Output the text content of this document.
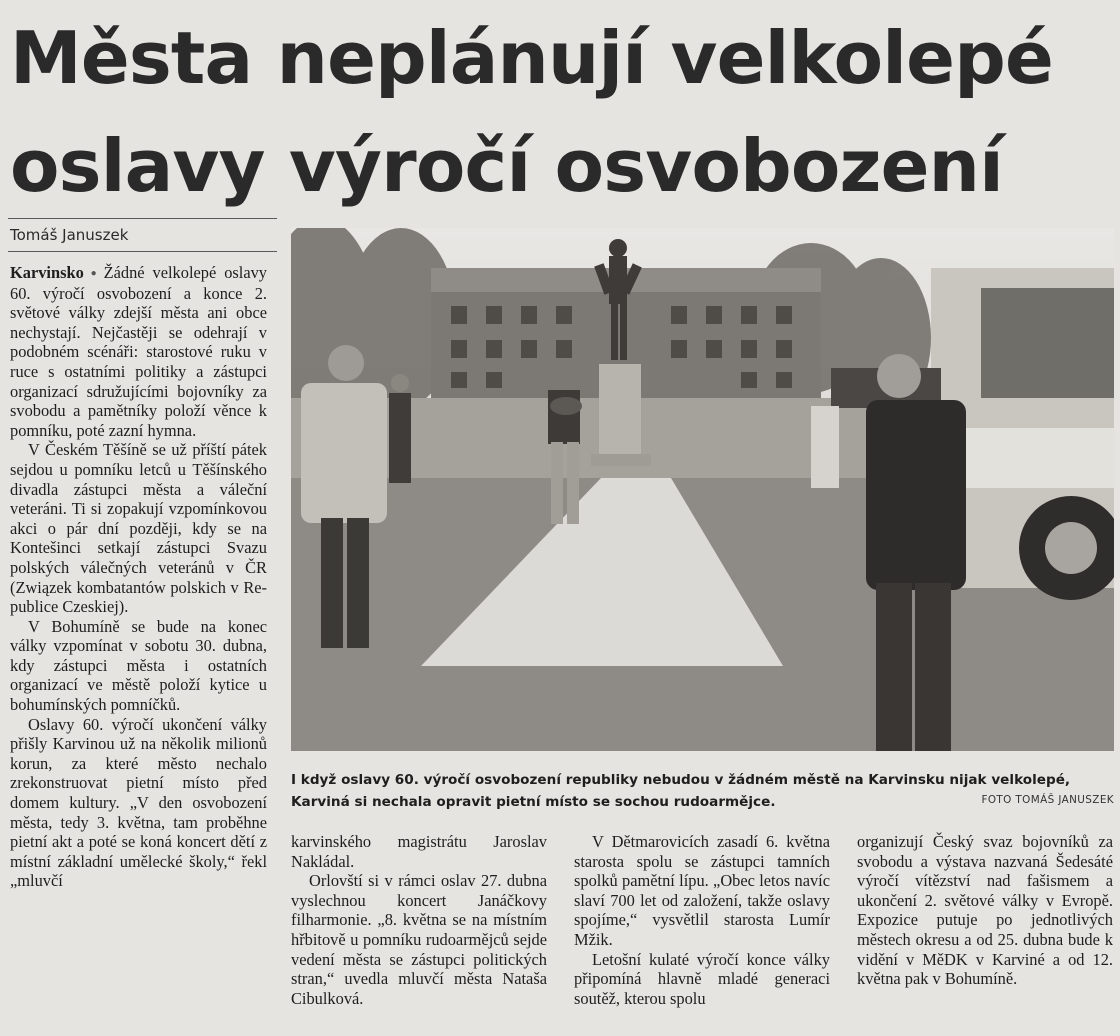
Města neplánují velkolepé
oslavy výročí osvobození

Tomáš Januszek

Karvinsko ● Žádné velkolepé oslavy 60. výročí osvobození a konce 2. světové války zdejší města ani obce nechystají. Nejčastěji se odehrají v podobném scénáři: starostové ruku v ruce s ostatními politiky a zástupci organizací sdružujícími bojovníky za svobodu a pamětníky položí věnce k pomníku, poté zazní hymna.

V Českém Těšíně se už příští pátek sejdou u pomníku letců u Těšínského divadla zástupci města a váleční veteráni. Ti si zopakují vzpomínkovou akci o pár dní později, kdy se na Kontešinci setkají zástupci Svazu polských válečných veteránů v ČR (Związek kombatantów polskich v Republice Czeskiej).

V Bohumíně se bude na konec války vzpomínat v sobotu 30. dubna, kdy zástupci města i ostatních organizací ve městě položí kytice u bohumínských pomníčků.

Oslavy 60. výročí ukončení války přišly Karvinou už na několik milionů korun, za které město nechalo zrekonstruovat pietní místo před domem kultury. „V den osvobození města, tedy 3. května, tam proběhne pietní akt a poté se koná koncert dětí z místní základní umělecké školy,“ řekl „mluvčí

I když oslavy 60. výročí osvobození republiky nebudou v žádném městě na Karvinsku nijak velkolepé, Karviná si nechala opravit pietní místo se sochou rudoarmějce.	FOTO TOMÁŠ JANUSZEK

karvinského magistrátu Jaroslav Nakládal.

Orlovští si v rámci oslav 27. dubna vyslechnou koncert Janáčkovy filharmonie. „8. května se na místním hřbitově u pomníku rudoarmějců sejde vedení města se zástupci politických stran,“ uvedla mluvčí města Nataša Cibulková.

V Dětmarovicích zasadí 6. května starosta spolu se zástupci tamních spolků pamětní lípu. „Obec letos navíc slaví 700 let od založení, takže oslavy spojíme,“ vysvětlil starosta Lumír Mžik.

Letošní kulaté výročí konce války připomíná hlavně mladé generaci soutěž, kterou spolu

organizují Český svaz bojovníků za svobodu a výstava nazvaná Šedesáté výročí vítězství nad fašismem a ukončení 2. světové války v Evropě. Expozice putuje po jednotlivých městech okresu a od 25. dubna bude k vidění v MěDK v Karviné a od 12. května pak v Bohumíně.
